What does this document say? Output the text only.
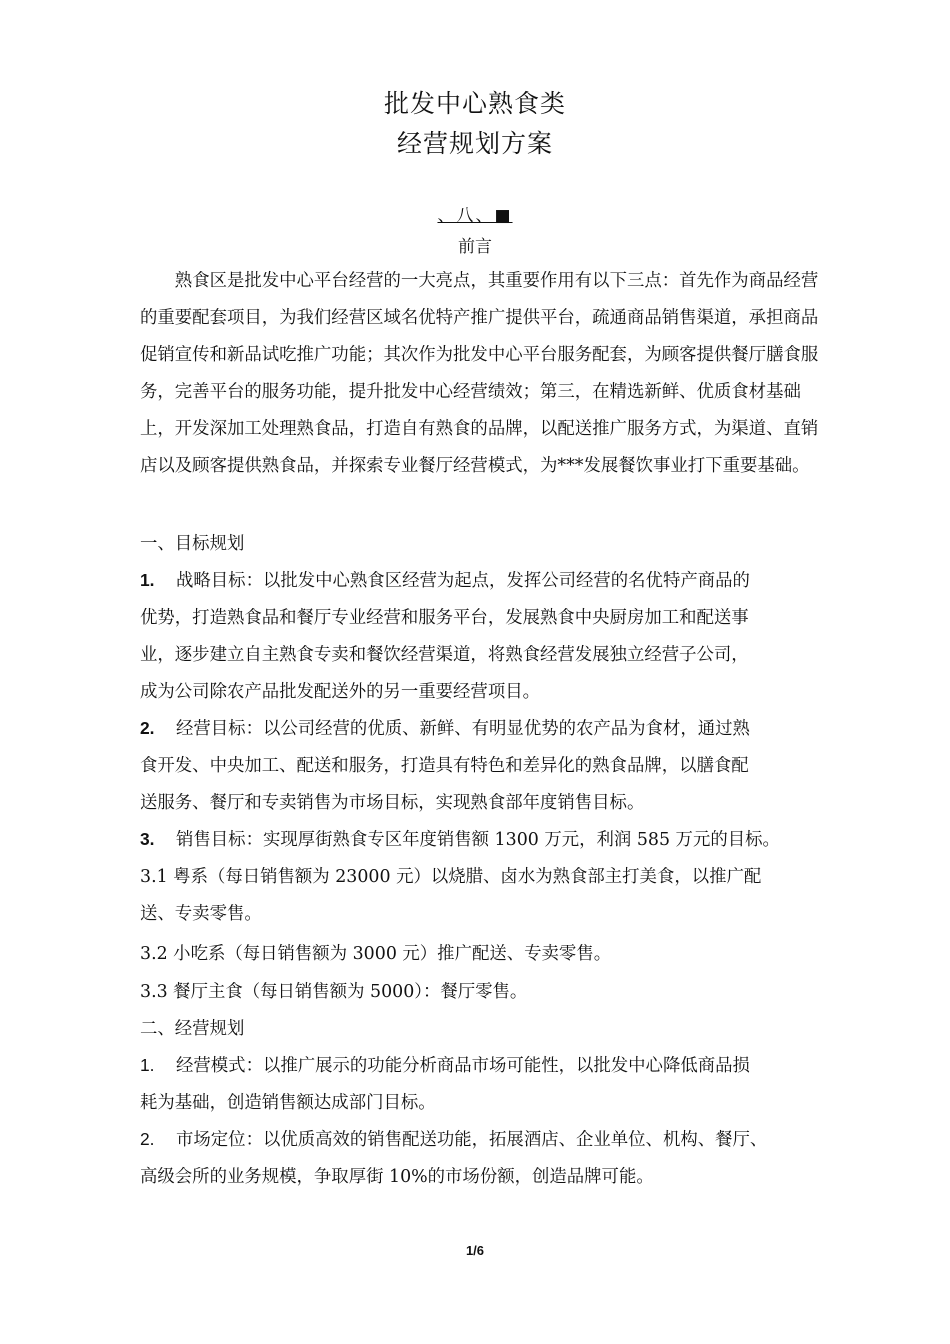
批发中心熟食类
经营规划方案
、八、■
前言

熟食区是批发中心平台经营的一大亮点，其重要作用有以下三点：首先作为商品经营的重要配套项目，为我们经营区域名优特产推广提供平台，疏通商品销售渠道，承担商品促销宣传和新品试吃推广功能；其次作为批发中心平台服务配套，为顾客提供餐厅膳食服务，完善平台的服务功能，提升批发中心经营绩效；第三，在精选新鲜、优质食材基础上，开发深加工处理熟食品，打造自有熟食的品牌，以配送推广服务方式，为渠道、直销店以及顾客提供熟食品，并探索专业餐厅经营模式，为***发展餐饮事业打下重要基础。

一、目标规划
1. 战略目标：以批发中心熟食区经营为起点，发挥公司经营的名优特产商品的
优势，打造熟食品和餐厅专业经营和服务平台，发展熟食中央厨房加工和配送事
业，逐步建立自主熟食专卖和餐饮经营渠道，将熟食经营发展独立经营子公司，
成为公司除农产品批发配送外的另一重要经营项目。
2. 经营目标：以公司经营的优质、新鲜、有明显优势的农产品为食材，通过熟
食开发、中央加工、配送和服务，打造具有特色和差异化的熟食品牌，以膳食配
送服务、餐厅和专卖销售为市场目标，实现熟食部年度销售目标。
3. 销售目标：实现厚街熟食专区年度销售额 1300 万元，利润 585 万元的目标。
3.1 粤系（每日销售额为 23000 元）以烧腊、卤水为熟食部主打美食，以推广配
送、专卖零售。
3.2 小吃系（每日销售额为 3000 元）推广配送、专卖零售。
3.3 餐厅主食（每日销售额为 5000）：餐厅零售。
二、经营规划
1. 经营模式：以推广展示的功能分析商品市场可能性，以批发中心降低商品损
耗为基础，创造销售额达成部门目标。
2. 市场定位：以优质高效的销售配送功能，拓展酒店、企业单位、机构、餐厅、
高级会所的业务规模，争取厚街 10%的市场份额，创造品牌可能。
1/6
